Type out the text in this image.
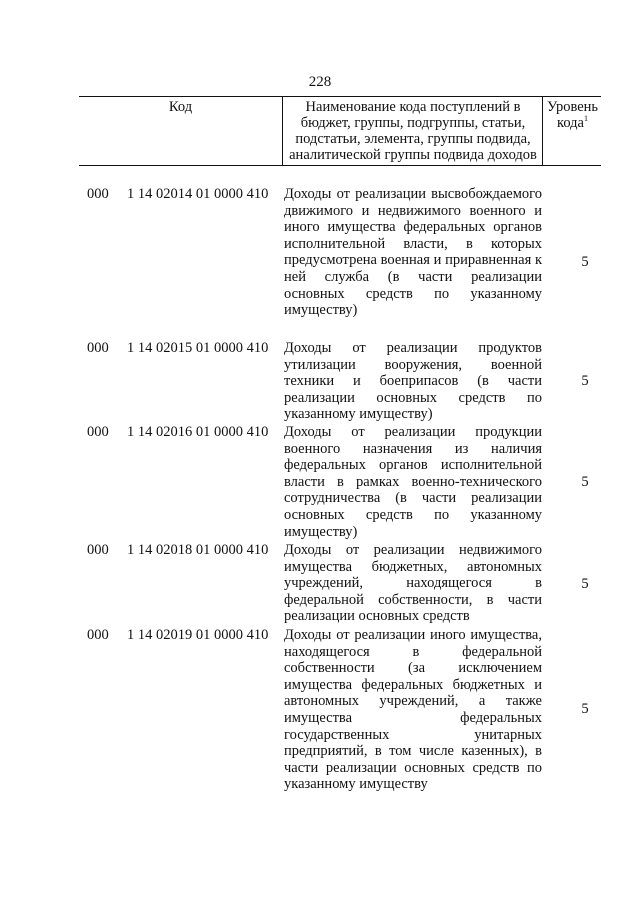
228
Код	Наименование кода поступлений в бюджет, группы, подгруппы, статьи, подстатьи, элемента, группы подвида, аналитической группы подвида доходов
Уровень кода$^1$
000 1 14 02014 01 0000 410 Доходы от реализации высвобождаемого движимого и недвижимого военного и иного имущества федеральных органов исполнительной власти, в которых предусмотрена военная и приравненная к ней служба (в части реализации основных средств по указанному имуществу)
5
000 1 14 02015 01 0000 410 Доходы от реализации продуктов утилизации вооружения, военной техники и боеприпасов (в части реализации основных средств по указанному имуществу)
5
000 1 14 02016 01 0000 410 Доходы от реализации продукции военного назначения из наличия федеральных органов исполнительной власти в рамках военно-технического сотрудничества (в части реализации основных средств по указанному имуществу)
5
000 1 14 02018 01 0000 410 Доходы от реализации недвижимого имущества бюджетных, автономных учреждений, находящегося в федеральной собственности, в части реализации основных средств
5
000 1 14 02019 01 0000 410 Доходы от реализации иного имущества, находящегося в федеральной собственности (за исключением имущества федеральных бюджетных и автономных учреждений, а также имущества федеральных государственных унитарных предприятий, в том числе казенных), в части реализации основных средств по указанному имуществу
5
